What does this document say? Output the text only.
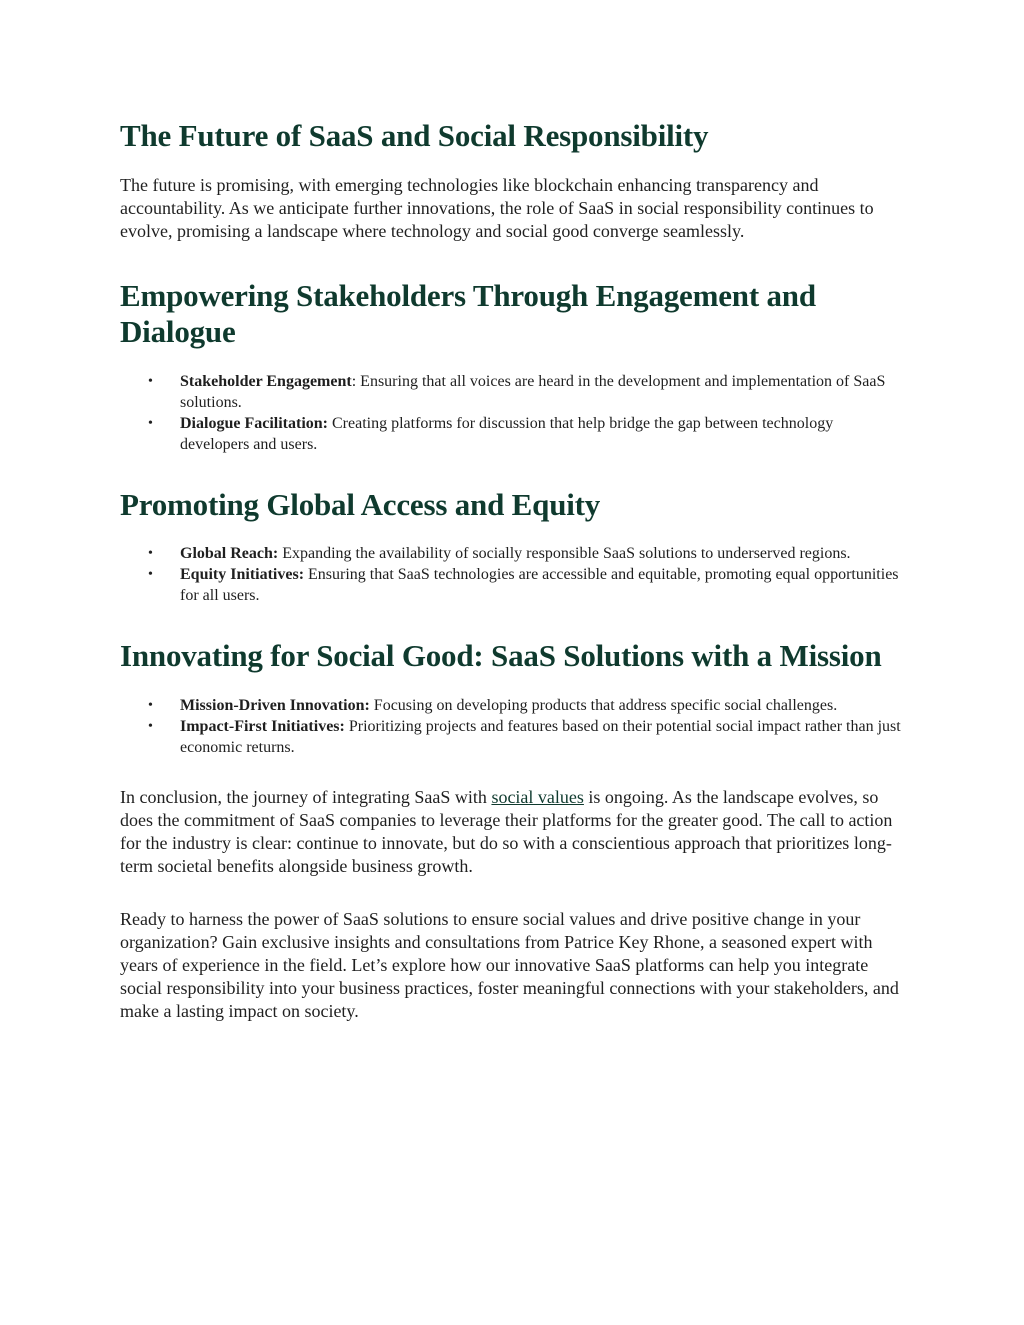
The Future of SaaS and Social Responsibility

The future is promising, with emerging technologies like blockchain enhancing transparency and accountability. As we anticipate further innovations, the role of SaaS in social responsibility continues to evolve, promising a landscape where technology and social good converge seamlessly.

Empowering Stakeholders Through Engagement and Dialogue
• Stakeholder Engagement: Ensuring that all voices are heard in the development and implementation of SaaS solutions.
• Dialogue Facilitation: Creating platforms for discussion that help bridge the gap between technology developers and users.
Promoting Global Access and Equity
• Global Reach: Expanding the availability of socially responsible SaaS solutions to underserved regions.
• Equity Initiatives: Ensuring that SaaS technologies are accessible and equitable, promoting equal opportunities for all users.
Innovating for Social Good: SaaS Solutions with a Mission
• Mission-Driven Innovation: Focusing on developing products that address specific social challenges.
• Impact-First Initiatives: Prioritizing projects and features based on their potential social impact rather than just economic returns.

In conclusion, the journey of integrating SaaS with social values is ongoing. As the landscape evolves, so does the commitment of SaaS companies to leverage their platforms for the greater good. The call to action for the industry is clear: continue to innovate, but do so with a conscientious approach that prioritizes long-term societal benefits alongside business growth.

Ready to harness the power of SaaS solutions to ensure social values and drive positive change in your organization? Gain exclusive insights and consultations from Patrice Key Rhone, a seasoned expert with years of experience in the field. Let’s explore how our innovative SaaS platforms can help you integrate social responsibility into your business practices, foster meaningful connections with your stakeholders, and make a lasting impact on society.
